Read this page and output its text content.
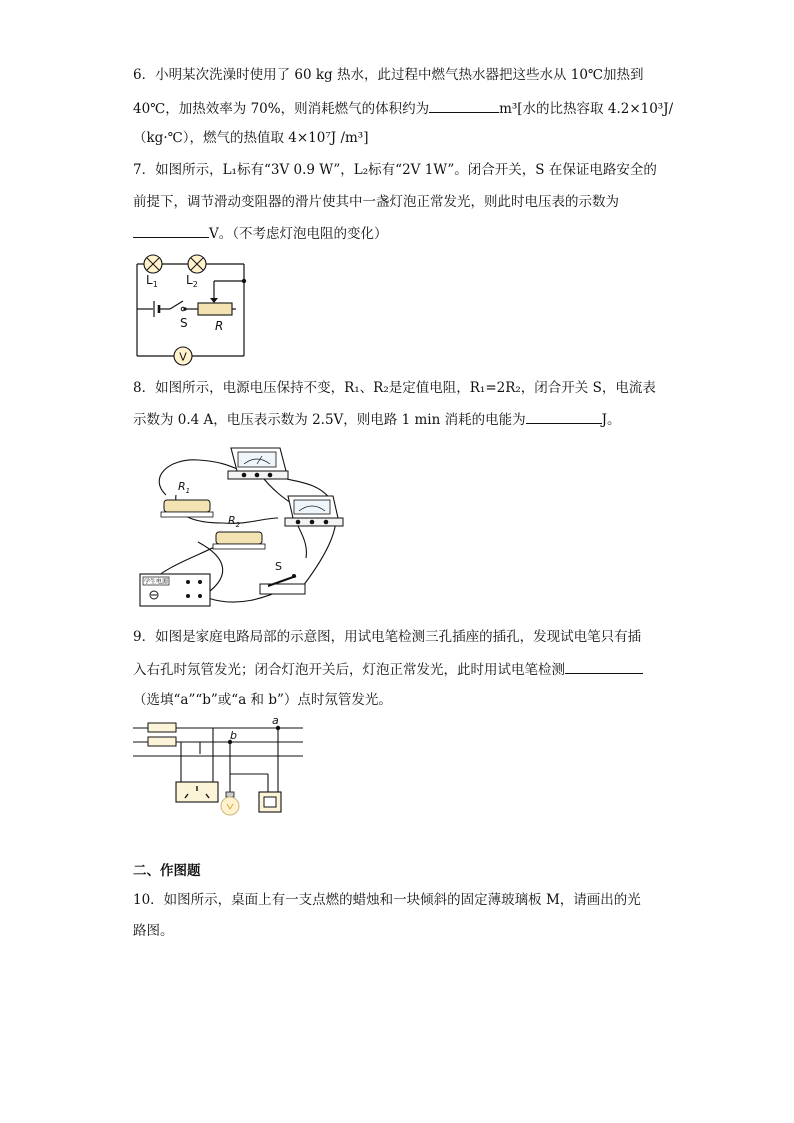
6．小明某次洗澡时使用了 60 kg 热水，此过程中燃气热水器把这些水从 10℃加热到
40℃，加热效率为 70%，则消耗燃气的体积约为	m³[水的比热容取 4.2×10³J/
（kg·℃），燃气的热值取 4×10⁷J /m³]
7．如图所示，L₁标有“3V 0.9 W”，L₂标有“2V 1W”。闭合开关，S 在保证电路安全的
前提下，调节滑动变阻器的滑片使其中一盏灯泡正常发光，则此时电压表的示数为
V。（不考虑灯泡电阻的变化）
V
$L_1$ $L_2$
S R
8．如图所示，电源电压保持不变，R₁、R₂是定值电阻，R₁=2R₂，闭合开关 S，电流表
示数为 0.4 A，电压表示数为 2.5V，则电路 1 min 消耗的电能为	J。
$R_1$
$R_2$
学生电源
S
9．如图是家庭电路局部的示意图，用试电笔检测三孔插座的插孔，发现试电笔只有插
入右孔时氖管发光；闭合灯泡开关后，灯泡正常发光，此时用试电笔检测
（选填“a”“b”或“a 和 b”）点时氖管发光。
b
a
二、作图题
10．如图所示，桌面上有一支点燃的蜡烛和一块倾斜的固定薄玻璃板 M，请画出的光
路图。
